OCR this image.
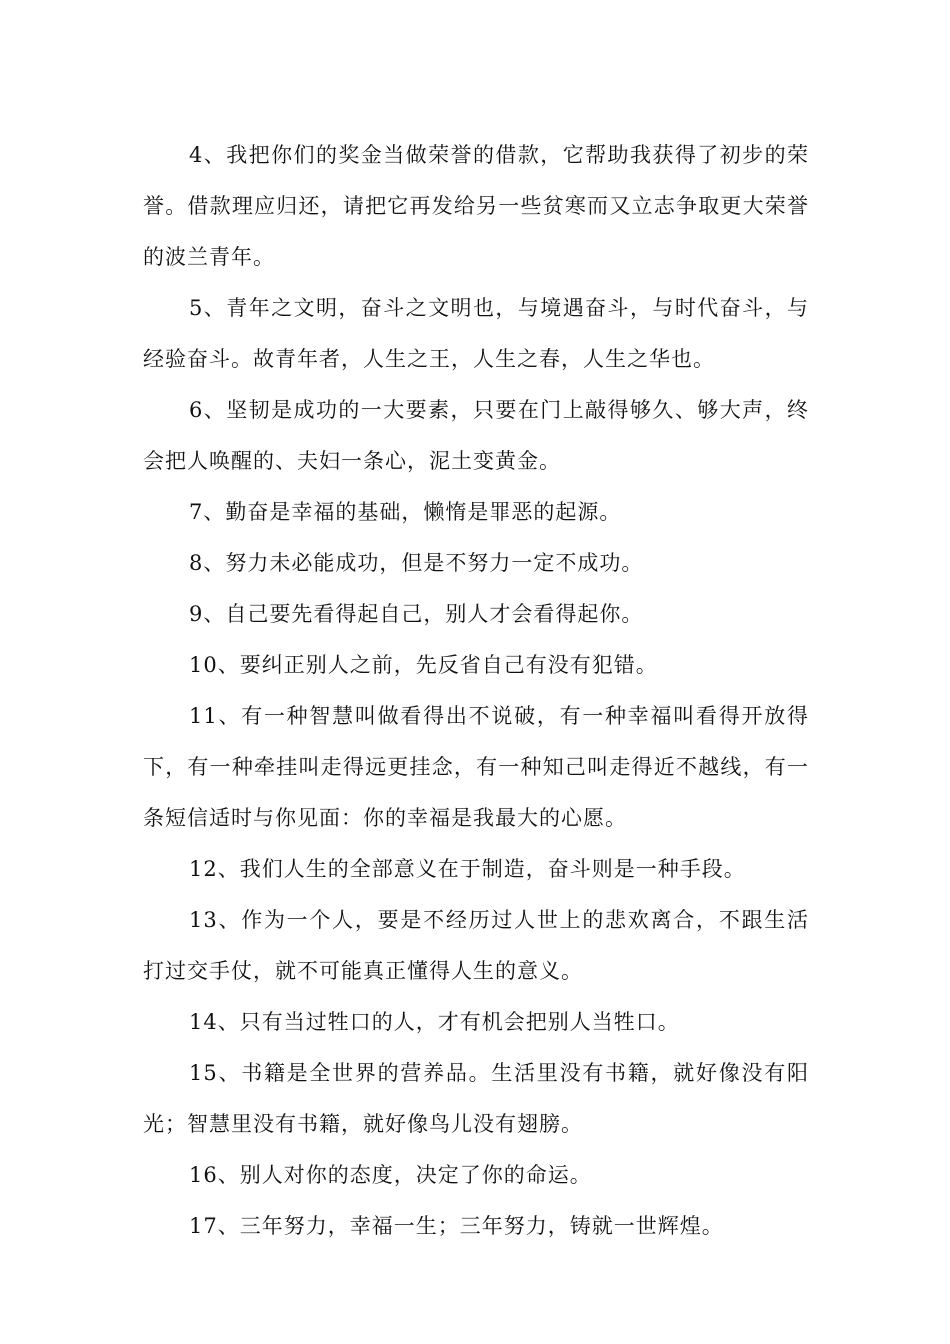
4、我把你们的奖金当做荣誉的借款，它帮助我获得了初步的荣誉。借款理应归还，请把它再发给另一些贫寒而又立志争取更大荣誉的波兰青年。

5、青年之文明，奋斗之文明也，与境遇奋斗，与时代奋斗，与经验奋斗。故青年者，人生之王，人生之春，人生之华也。

6、坚韧是成功的一大要素，只要在门上敲得够久、够大声，终会把人唤醒的、夫妇一条心，泥土变黄金。

7、勤奋是幸福的基础，懒惰是罪恶的起源。

8、努力未必能成功，但是不努力一定不成功。

9、自己要先看得起自己，别人才会看得起你。

10、要纠正别人之前，先反省自己有没有犯错。

11、有一种智慧叫做看得出不说破，有一种幸福叫看得开放得下，有一种牵挂叫走得远更挂念，有一种知己叫走得近不越线，有一条短信适时与你见面：你的幸福是我最大的心愿。

12、我们人生的全部意义在于制造，奋斗则是一种手段。

13、作为一个人，要是不经历过人世上的悲欢离合，不跟生活打过交手仗，就不可能真正懂得人生的意义。

14、只有当过牲口的人，才有机会把别人当牲口。

15、书籍是全世界的营养品。生活里没有书籍，就好像没有阳光；智慧里没有书籍，就好像鸟儿没有翅膀。

16、别人对你的态度，决定了你的命运。

17、三年努力，幸福一生；三年努力，铸就一世辉煌。
